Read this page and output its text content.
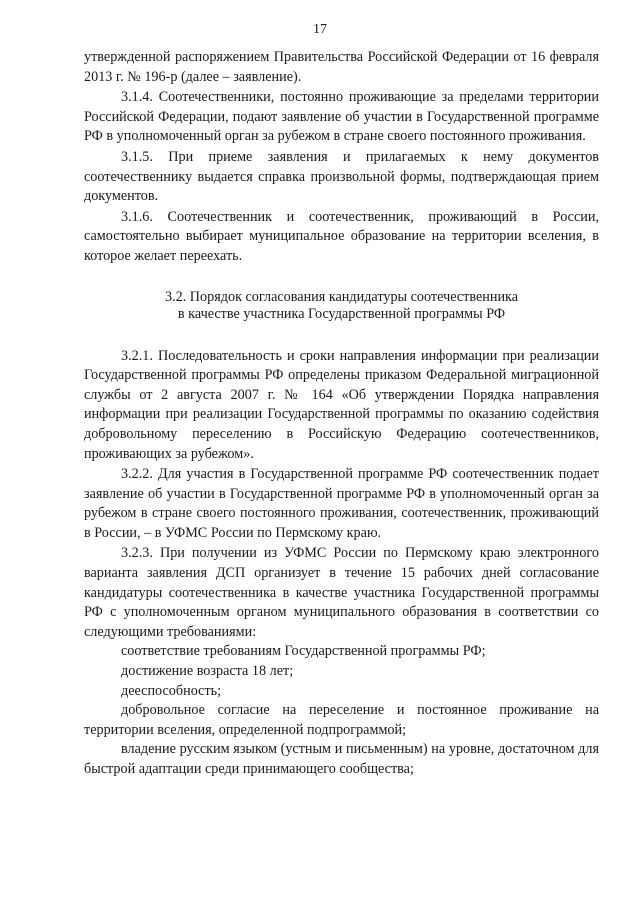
17

утвержденной распоряжением Правительства Российской Федерации от 16 февраля 2013 г. № 196-р (далее – заявление).

3.1.4. Соотечественники, постоянно проживающие за пределами территории Российской Федерации, подают заявление об участии в Государственной программе РФ в уполномоченный орган за рубежом в стране своего постоянного проживания.

3.1.5. При приеме заявления и прилагаемых к нему документов соотечественнику выдается справка произвольной формы, подтверждающая прием документов.

3.1.6. Соотечественник и соотечественник, проживающий в России, самостоятельно выбирает муниципальное образование на территории вселения, в которое желает переехать.

3.2. Порядок согласования кандидатуры соотечественника
в качестве участника Государственной программы РФ

3.2.1. Последовательность и сроки направления информации при реализации Государственной программы РФ определены приказом Федеральной миграционной службы от 2 августа 2007 г. № 164 «Об утверждении Порядка направления информации при реализации Государственной программы по оказанию содействия добровольному переселению в Российскую Федерацию соотечественников, проживающих за рубежом».

3.2.2. Для участия в Государственной программе РФ соотечественник подает заявление об участии в Государственной программе РФ в уполномоченный орган за рубежом в стране своего постоянного проживания, соотечественник, проживающий в России, – в УФМС России по Пермскому краю.

3.2.3. При получении из УФМС России по Пермскому краю электронного варианта заявления ДСП организует в течение 15 рабочих дней согласование кандидатуры соотечественника в качестве участника Государственной программы РФ с уполномоченным органом муниципального образования в соответствии со следующими требованиями:

соответствие требованиям Государственной программы РФ;

достижение возраста 18 лет;

дееспособность;

добровольное согласие на переселение и постоянное проживание на территории вселения, определенной подпрограммой;

владение русским языком (устным и письменным) на уровне, достаточном для быстрой адаптации среди принимающего сообщества;
